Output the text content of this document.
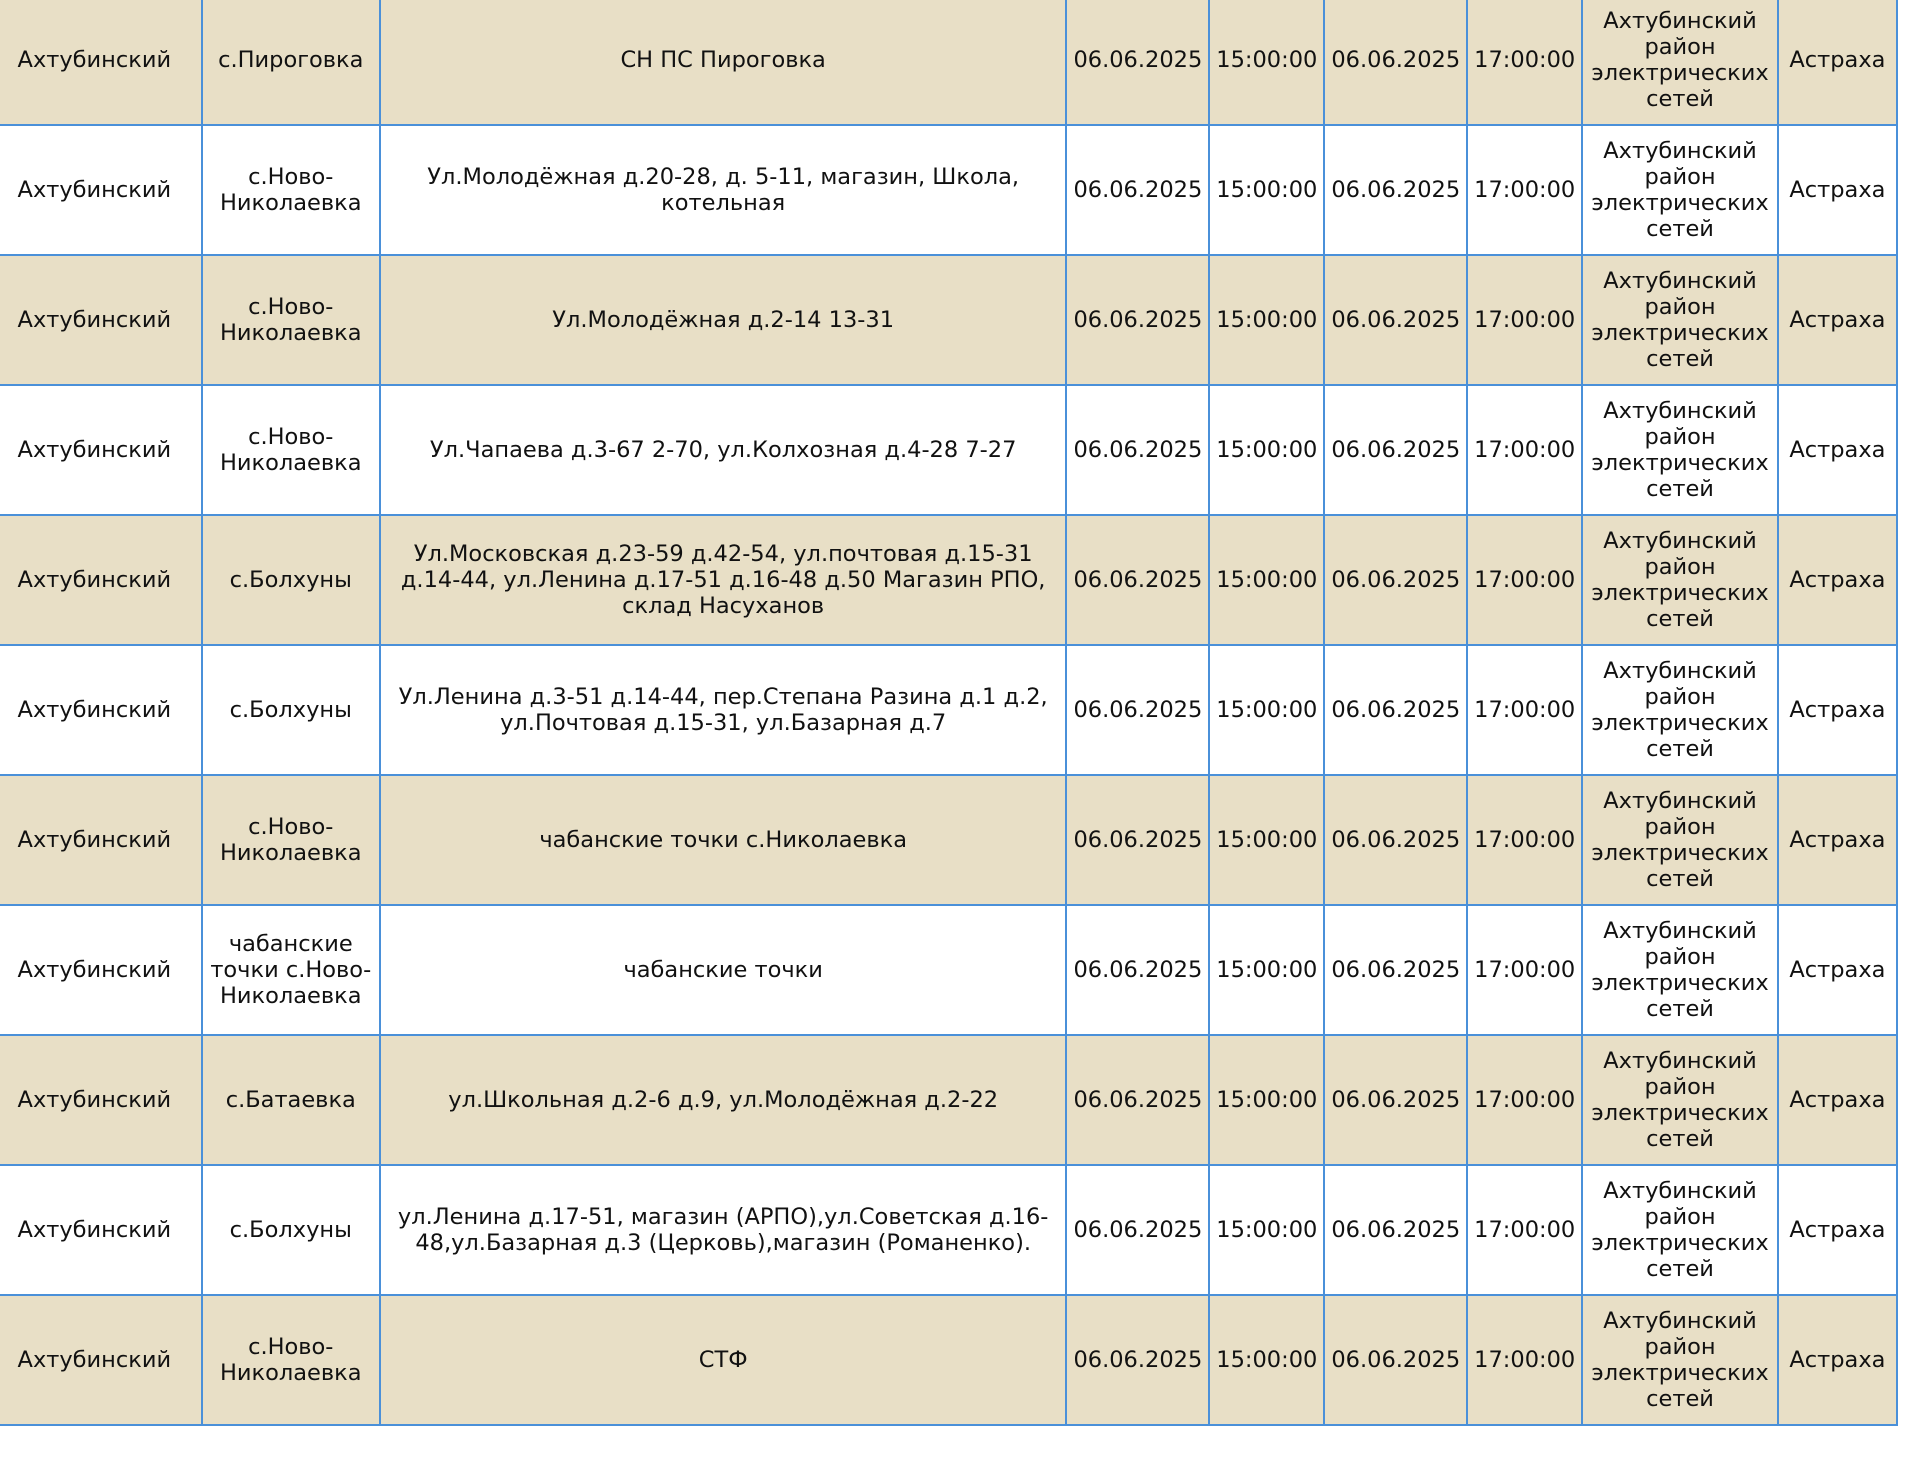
Ахтубинский	с.Пироговка	СН ПС Пироговка	06.06.2025	15:00:00	06.06.2025	17:00:00	Ахтубинский район электрических сетей	Астраха
Ахтубинский	с.Ново-Николаевка	Ул.Молодёжная д.20-28, д. 5-11, магазин, Школа, котельная	06.06.2025	15:00:00	06.06.2025	17:00:00	Ахтубинский район электрических сетей	Астраха
Ахтубинский	с.Ново-Николаевка	Ул.Молодёжная д.2-14 13-31	06.06.2025	15:00:00	06.06.2025	17:00:00	Ахтубинский район электрических сетей	Астраха
Ахтубинский	с.Ново-Николаевка	Ул.Чапаева д.3-67 2-70, ул.Колхозная д.4-28 7-27	06.06.2025	15:00:00	06.06.2025	17:00:00	Ахтубинский район электрических сетей	Астраха
Ахтубинский	с.Болхуны	Ул.Московская д.23-59 д.42-54, ул.почтовая д.15-31 д.14-44, ул.Ленина д.17-51 д.16-48 д.50 Магазин РПО, склад Насуханов	06.06.2025	15:00:00	06.06.2025	17:00:00	Ахтубинский район электрических сетей	Астраха
Ахтубинский	с.Болхуны	Ул.Ленина д.3-51 д.14-44, пер.Степана Разина д.1 д.2, ул.Почтовая д.15-31, ул.Базарная д.7	06.06.2025	15:00:00	06.06.2025	17:00:00	Ахтубинский район электрических сетей	Астраха
Ахтубинский	с.Ново-Николаевка	чабанские точки с.Николаевка	06.06.2025	15:00:00	06.06.2025	17:00:00	Ахтубинский район электрических сетей	Астраха
Ахтубинский	чабанские точки с.Ново-Николаевка	чабанские точки	06.06.2025	15:00:00	06.06.2025	17:00:00	Ахтубинский район электрических сетей	Астраха
Ахтубинский	с.Батаевка	ул.Школьная д.2-6 д.9, ул.Молодёжная д.2-22	06.06.2025	15:00:00	06.06.2025	17:00:00	Ахтубинский район электрических сетей	Астраха
Ахтубинский	с.Болхуны	ул.Ленина д.17-51, магазин (АРПО),ул.Советская д.16-48,ул.Базарная д.3 (Церковь),магазин (Романенко).	06.06.2025	15:00:00	06.06.2025	17:00:00	Ахтубинский район электрических сетей	Астраха
Ахтубинский	с.Ново-Николаевка	СТФ	06.06.2025	15:00:00	06.06.2025	17:00:00	Ахтубинский район электрических сетей	Астраха
